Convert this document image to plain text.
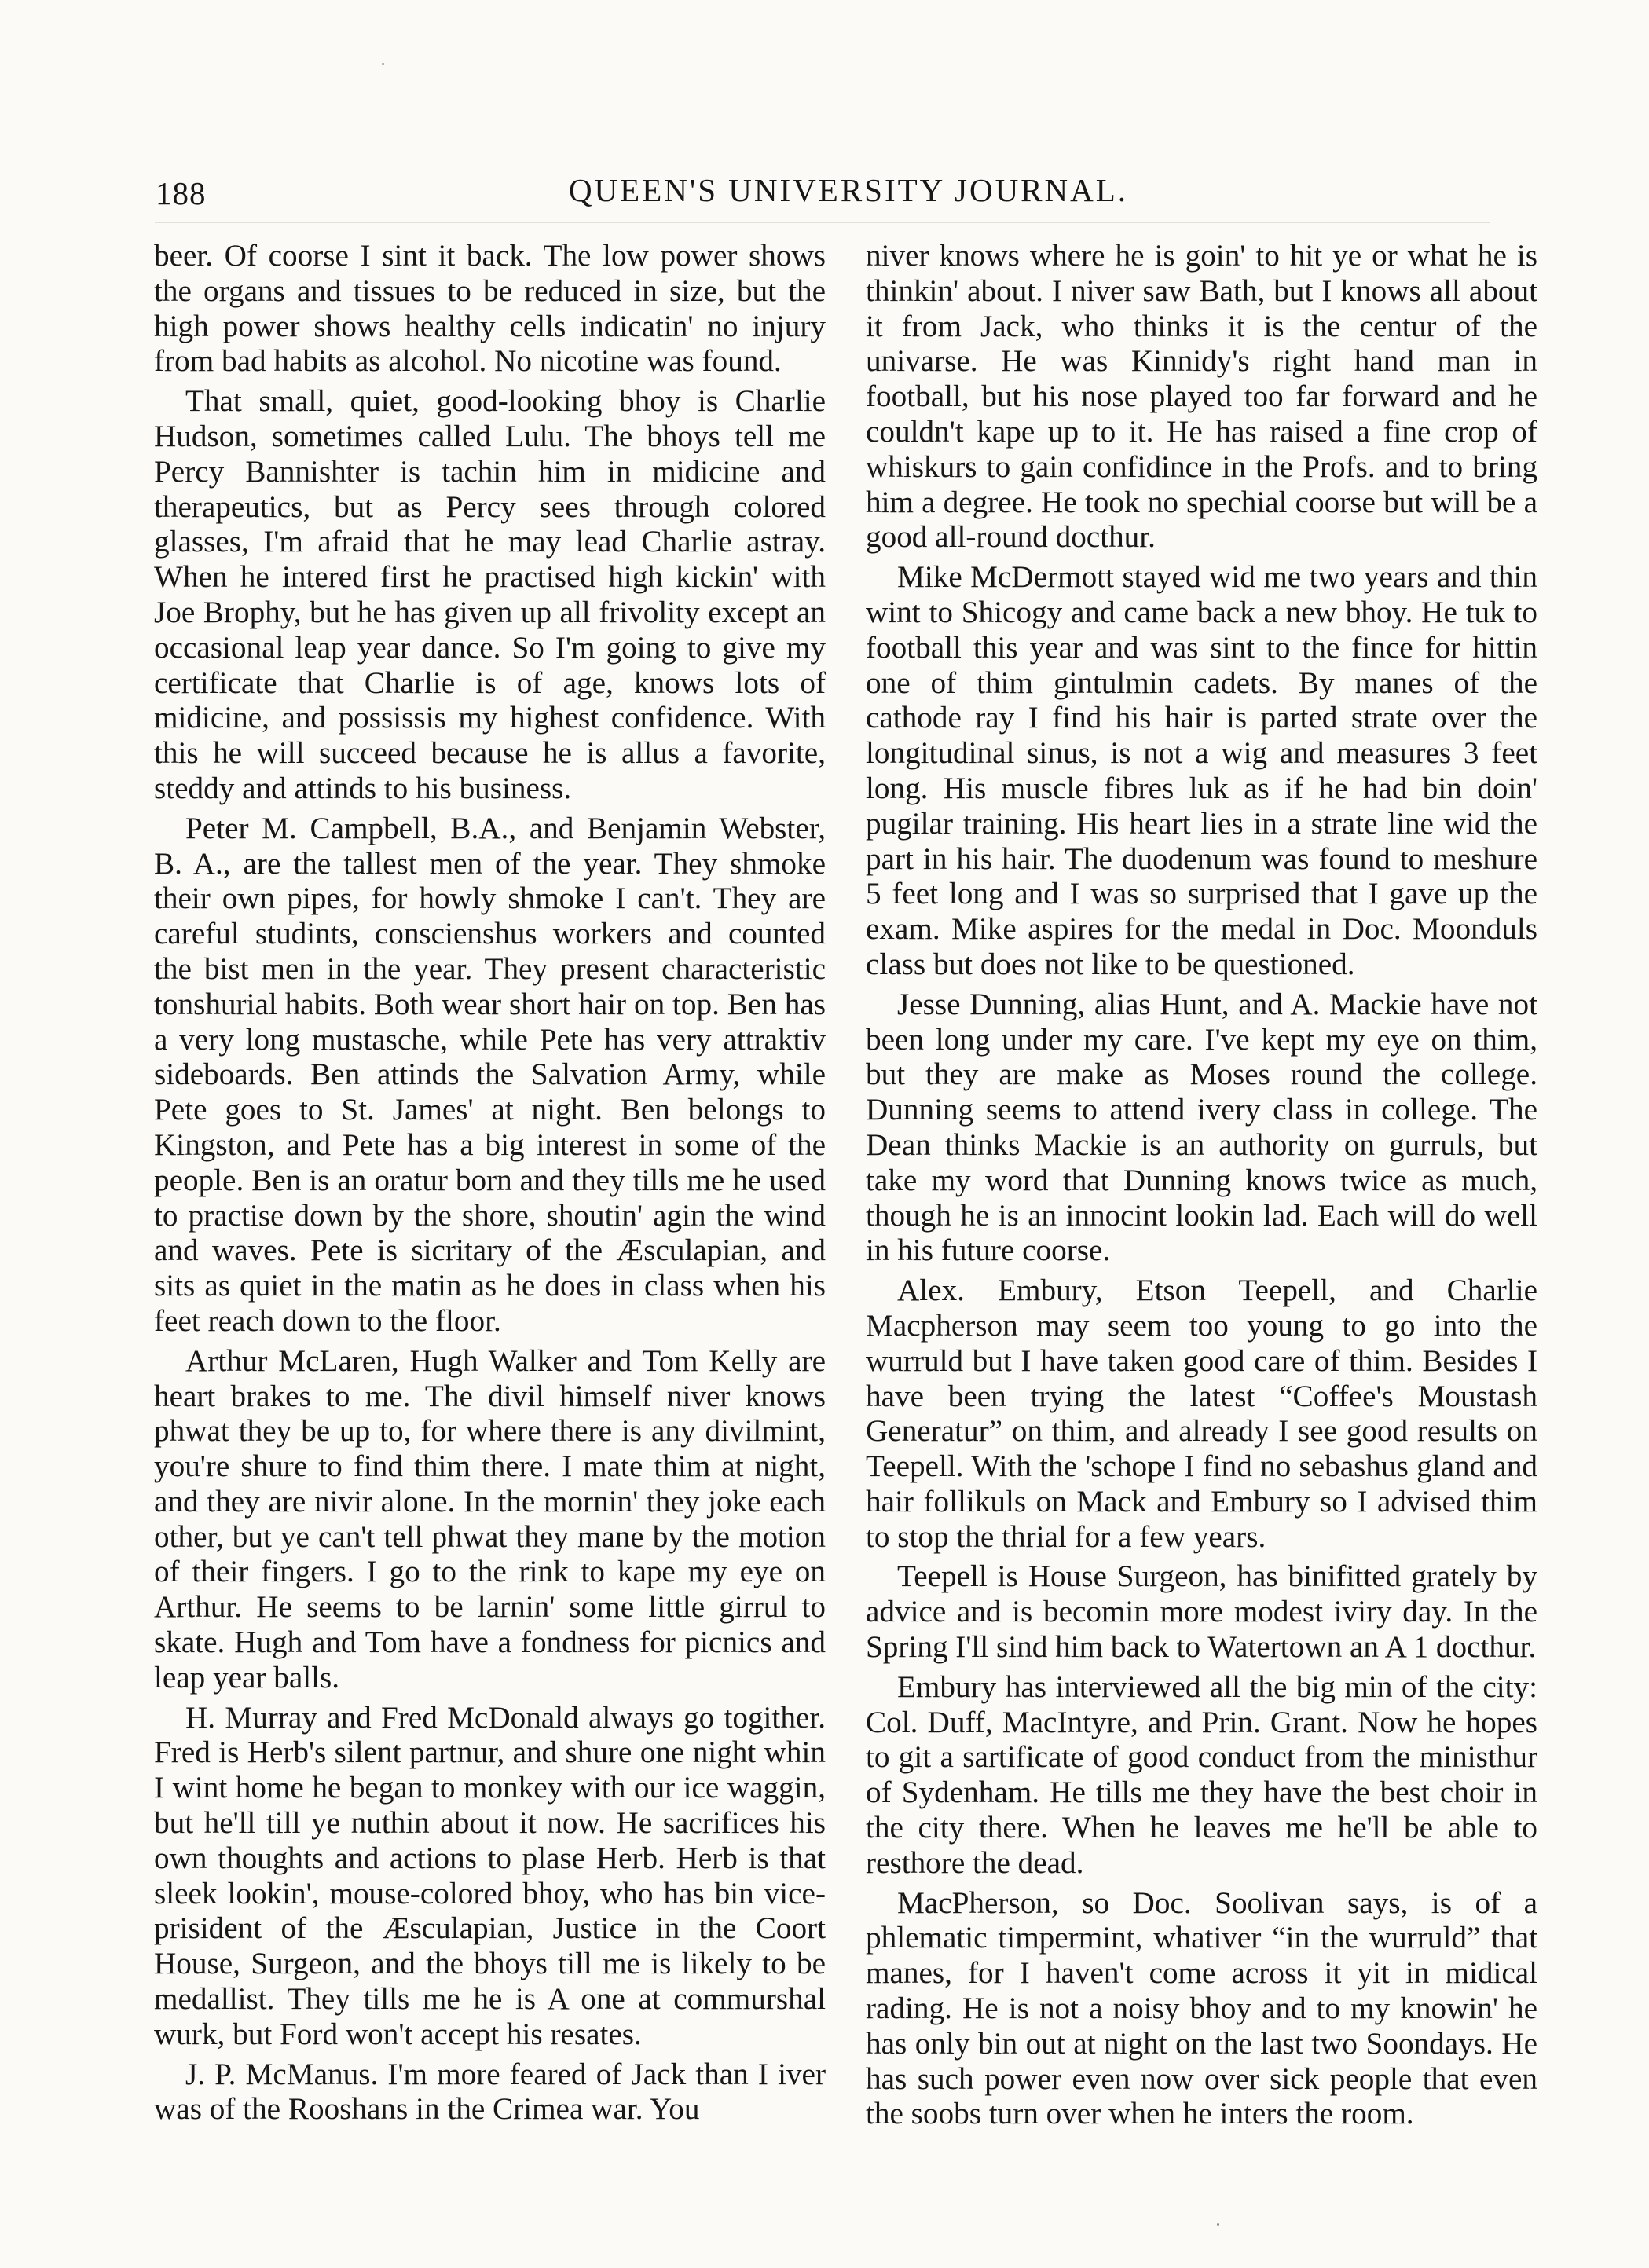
188	QUEEN'S UNIVERSITY JOURNAL.

beer. Of coorse I sint it back. The low power shows the organs and tissues to be reduced in size, but the high power shows healthy cells indicatin' no injury from bad habits as alcohol. No nicotine was found.

That small, quiet, good-looking bhoy is Charlie Hudson, sometimes called Lulu. The bhoys tell me Percy Bannishter is tachin him in midicine and therapeutics, but as Percy sees through colored glasses, I'm afraid that he may lead Charlie astray. When he intered first he practised high kickin' with Joe Brophy, but he has given up all frivolity except an occasional leap year dance. So I'm going to give my certificate that Charlie is of age, knows lots of midicine, and possissis my highest confidence. With this he will succeed because he is allus a favorite, steddy and attinds to his business.

Peter M. Campbell, B.A., and Benjamin Webster, B. A., are the tallest men of the year. They shmoke their own pipes, for howly shmoke I can't. They are careful studints, conscienshus workers and counted the bist men in the year. They present characteristic tonshurial habits. Both wear short hair on top. Ben has a very long mustasche, while Pete has very attraktiv sideboards. Ben attinds the Salvation Army, while Pete goes to St. James' at night. Ben belongs to Kingston, and Pete has a big interest in some of the people. Ben is an oratur born and they tills me he used to practise down by the shore, shoutin' agin the wind and waves. Pete is sicritary of the Æsculapian, and sits as quiet in the matin as he does in class when his feet reach down to the floor.

Arthur McLaren, Hugh Walker and Tom Kelly are heart brakes to me. The divil himself niver knows phwat they be up to, for where there is any divilmint, you're shure to find thim there. I mate thim at night, and they are nivir alone. In the mornin' they joke each other, but ye can't tell phwat they mane by the motion of their fingers. I go to the rink to kape my eye on Arthur. He seems to be larnin' some little girrul to skate. Hugh and Tom have a fondness for picnics and leap year balls.

H. Murray and Fred McDonald always go togither. Fred is Herb's silent partnur, and shure one night whin I wint home he began to monkey with our ice waggin, but he'll till ye nuthin about it now. He sacrifices his own thoughts and actions to plase Herb. Herb is that sleek lookin', mouse-colored bhoy, who has bin vice-prisident of the Æsculapian, Justice in the Coort House, Surgeon, and the bhoys till me is likely to be medallist. They tills me he is A one at commurshal wurk, but Ford won't accept his resates.

J. P. McManus. I'm more feared of Jack than I iver was of the Rooshans in the Crimea war. You

niver knows where he is goin' to hit ye or what he is thinkin' about. I niver saw Bath, but I knows all about it from Jack, who thinks it is the centur of the univarse. He was Kinnidy's right hand man in football, but his nose played too far forward and he couldn't kape up to it. He has raised a fine crop of whiskurs to gain confidince in the Profs. and to bring him a degree. He took no spechial coorse but will be a good all-round docthur.

Mike McDermott stayed wid me two years and thin wint to Shicogy and came back a new bhoy. He tuk to football this year and was sint to the fince for hittin one of thim gintulmin cadets. By manes of the cathode ray I find his hair is parted strate over the longitudinal sinus, is not a wig and measures 3 feet long. His muscle fibres luk as if he had bin doin' pugilar training. His heart lies in a strate line wid the part in his hair. The duodenum was found to meshure 5 feet long and I was so surprised that I gave up the exam. Mike aspires for the medal in Doc. Moonduls class but does not like to be questioned.

Jesse Dunning, alias Hunt, and A. Mackie have not been long under my care. I've kept my eye on thim, but they are make as Moses round the college. Dunning seems to attend ivery class in college. The Dean thinks Mackie is an authority on gurruls, but take my word that Dunning knows twice as much, though he is an innocint lookin lad. Each will do well in his future coorse.

Alex. Embury, Etson Teepell, and Charlie Macpherson may seem too young to go into the wurruld but I have taken good care of thim. Besides I have been trying the latest “Coffee's Moustash Generatur” on thim, and already I see good results on Teepell. With the 'schope I find no sebashus gland and hair follikuls on Mack and Embury so I advised thim to stop the thrial for a few years.

Teepell is House Surgeon, has binifitted grately by advice and is becomin more modest iviry day. In the Spring I'll sind him back to Watertown an A 1 docthur.

Embury has interviewed all the big min of the city: Col. Duff, MacIntyre, and Prin. Grant. Now he hopes to git a sartificate of good conduct from the ministhur of Sydenham. He tills me they have the best choir in the city there. When he leaves me he'll be able to resthore the dead.

MacPherson, so Doc. Soolivan says, is of a phlematic timpermint, whativer “in the wurruld” that manes, for I haven't come across it yit in midical rading. He is not a noisy bhoy and to my knowin' he has only bin out at night on the last two Soondays. He has such power even now over sick people that even the soobs turn over when he inters the room.
